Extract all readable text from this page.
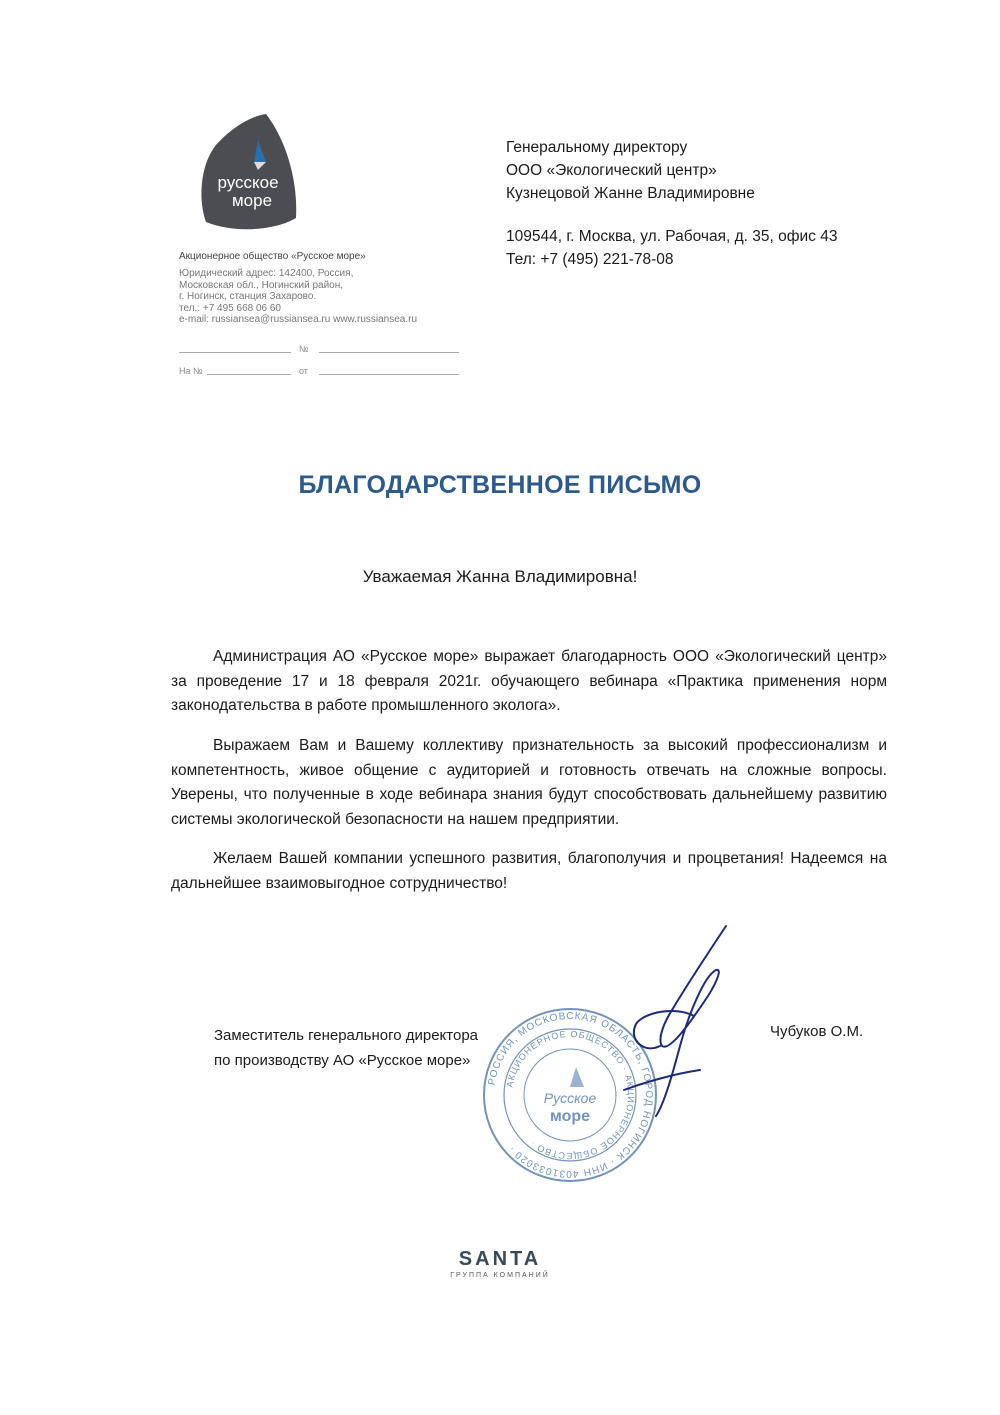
русское
море
Акционерное общество «Русское море»
Юридический адрес: 142400, Россия,
Московская обл., Ногинский район,
г. Ногинск, станция Захарово.
тел.: +7 495 668 06 60
e-mail: russiansea@russiansea.ru www.russiansea.ru
№
На №	от
Генеральному директору
ООО «Экологический центр»
Кузнецовой Жанне Владимировне
109544, г. Москва, ул. Рабочая, д. 35, офис 43
Тел: +7 (495) 221-78-08
БЛАГОДАРСТВЕННОЕ ПИСЬМО
Уважаемая Жанна Владимировна!
Администрация АО «Русское море» выражает благодарность ООО «Экологический центр» за проведение 17 и 18 февраля 2021г. обучающего вебинара «Практика применения норм законодательства в работе промышленного эколога».
Выражаем Вам и Вашему коллективу признательность за высокий профессионализм и компетентность, живое общение с аудиторией и готовность отвечать на сложные вопросы. Уверены, что полученные в ходе вебинара знания будут способствовать дальнейшему развитию системы экологической безопасности на нашем предприятии.
Желаем Вашей компании успешного развития, благополучия и процветания! Надеемся на дальнейшее взаимовыгодное сотрудничество!
Заместитель генерального директора
по производству АО «Русское море»
Чубуков О.М.
РОССИЯ, МОСКОВСКАЯ ОБЛАСТЬ, ГОРОД НОГИНСК · ИНН 4031033020 ·
АКЦИОНЕРНОЕ ОБЩЕСТВО · АКЦИОНЕРНОЕ ОБЩЕСТВО ·
Русское
море
SANTA
ГРУППА КОМПАНИЙ
